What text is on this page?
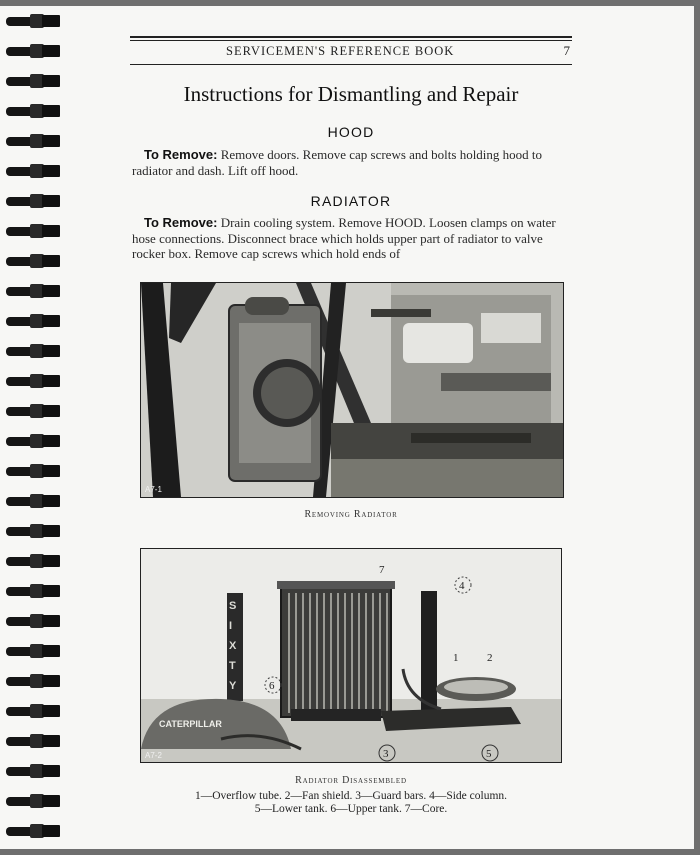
SERVICEMEN'S REFERENCE BOOK	7
Instructions for Dismantling and Repair
HOOD
To Remove: Remove doors. Remove cap screws and bolts holding hood to radiator and dash. Lift off hood.
RADIATOR
To Remove: Drain cooling system. Remove HOOD. Loosen clamps on water hose connections. Disconnect brace which holds upper part of radiator to valve rocker box. Remove cap screws which hold ends of
A7-1
Removing Radiator
S I X T Y
CATERPILLAR
7
4
1	2
6
3	5
A7-2
Radiator Disassembled
1—Overflow tube. 2—Fan shield. 3—Guard bars. 4—Side column.
5—Lower tank. 6—Upper tank. 7—Core.
